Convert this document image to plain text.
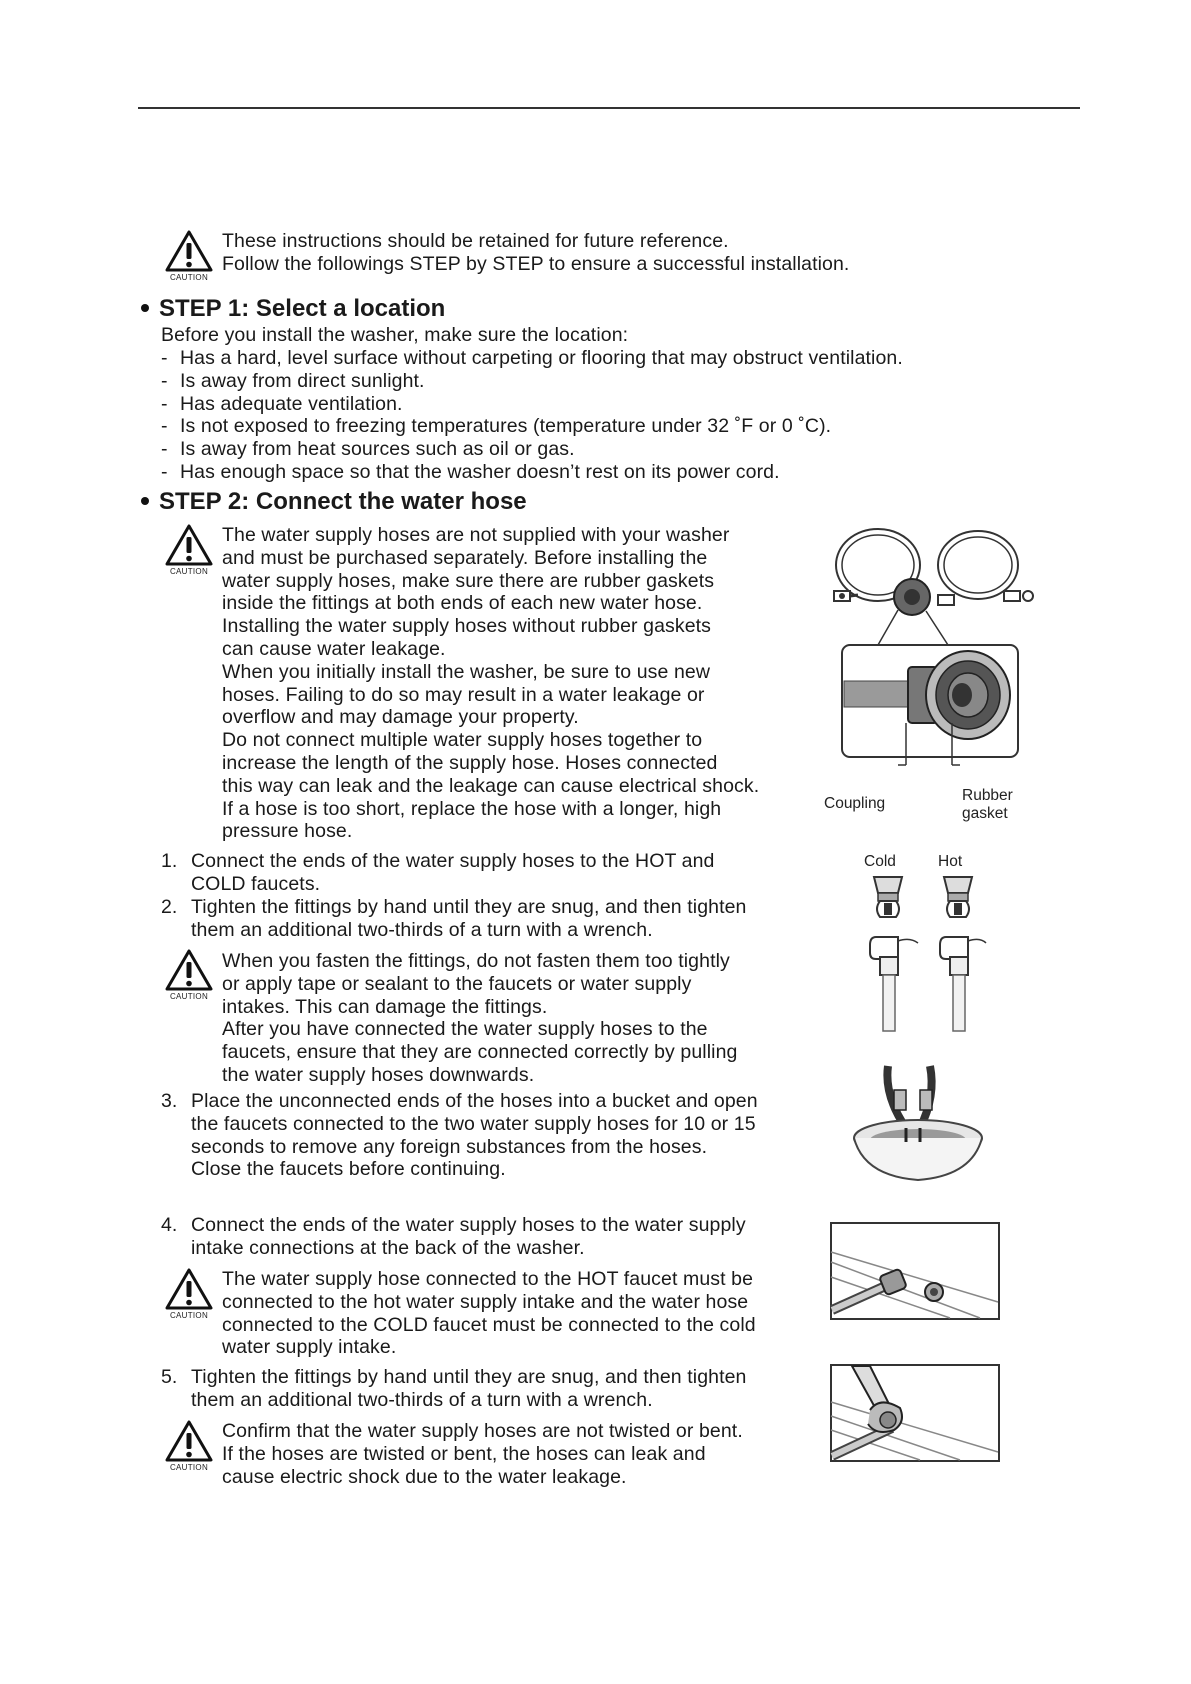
CAUTION
These instructions should be retained for future reference.
Follow the followings STEP by STEP to ensure a successful installation.
STEP 1: Select a location
Before you install the washer, make sure the location:
- Has a hard, level surface without carpeting or flooring that may obstruct ventilation.
- Is away from direct sunlight.
- Has adequate ventilation.
- Is not exposed to freezing temperatures (temperature under 32 ˚F or 0 ˚C).
- Is away from heat sources such as oil or gas.
- Has enough space so that the washer doesn’t rest on its power cord.
STEP 2: Connect the water hose
CAUTION
The water supply hoses are not supplied with your washer
and must be purchased separately. Before installing the
water supply hoses, make sure there are rubber gaskets
inside the fittings at both ends of each new water hose.
Installing the water supply hoses without rubber gaskets
can cause water leakage.
When you initially install the washer, be sure to use new
hoses. Failing to do so may result in a water leakage or
overflow and may damage your property.
Do not connect multiple water supply hoses together to
increase the length of the supply hose. Hoses connected
this way can leak and the leakage can cause electrical shock.
If a hose is too short, replace the hose with a longer, high
pressure hose.
Coupling	Rubber
gasket
1. Connect the ends of the water supply hoses to the HOT and
COLD faucets.
2. Tighten the fittings by hand until they are snug, and then tighten
them an additional two-thirds of a turn with a wrench.
CAUTION
When you fasten the fittings, do not fasten them too tightly
or apply tape or sealant to the faucets or water supply
intakes. This can damage the fittings.
After you have connected the water supply hoses to the
faucets, ensure that they are connected correctly by pulling
the water supply hoses downwards.
Cold	Hot
3. Place the unconnected ends of the hoses into a bucket and open
the faucets connected to the two water supply hoses for 10 or 15
seconds to remove any foreign substances from the hoses.
Close the faucets before continuing.
4. Connect the ends of the water supply hoses to the water supply
intake connections at the back of the washer.
CAUTION
The water supply hose connected to the HOT faucet must be
connected to the hot water supply intake and the water hose
connected to the COLD faucet must be connected to the cold
water supply intake.
5. Tighten the fittings by hand until they are snug, and then tighten
them an additional two-thirds of a turn with a wrench.
CAUTION
Confirm that the water supply hoses are not twisted or bent.
If the hoses are twisted or bent, the hoses can leak and
cause electric shock due to the water leakage.
